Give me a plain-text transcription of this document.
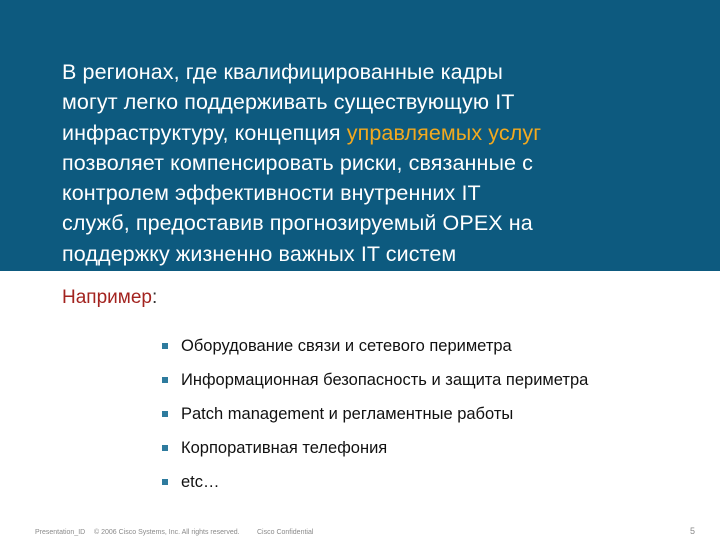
В регионах, где квалифицированные кадры
могут легко поддерживать существующую IT
инфраструктуру, концепция управляемых услуг
позволяет компенсировать риски, связанные с
контролем эффективности внутренних IT
служб, предоставив прогнозируемый OPEX на
поддержку жизненно важных IT систем

Например:

Оборудование связи и сетевого периметра
Информационная безопасность и защита периметра
Patch management и регламентные работы
Корпоративная телефония
etc…
Presentation_ID © 2006 Cisco Systems, Inc. All rights reserved. Cisco Confidential	5
